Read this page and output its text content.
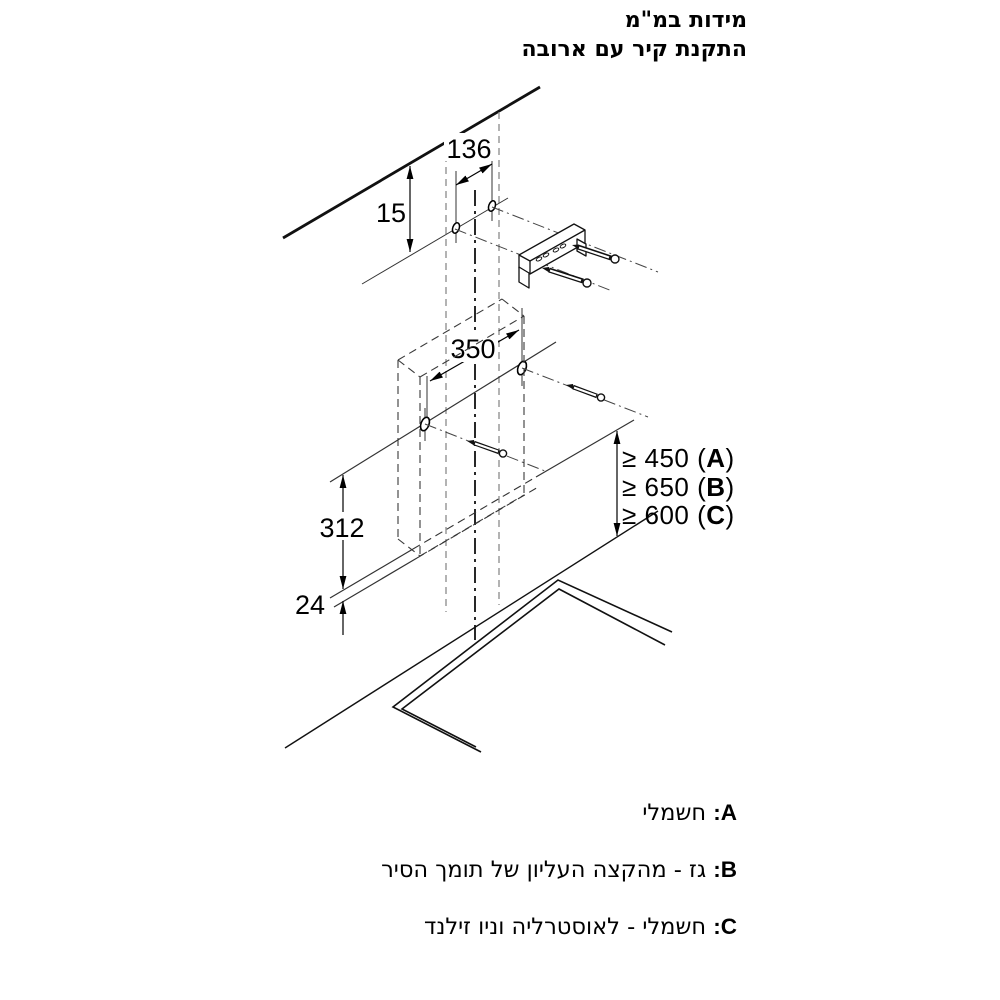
מידות במ"מ
התקנת קיר עם ארובה
15
136
350
312
24
≥ 450 (A)
≥ 650 (B)
≥ 600 (C)
A: חשמלי
B: גז - מהקצה העליון של תומך הסיר
C: חשמלי - לאוסטרליה וניו זילנד
